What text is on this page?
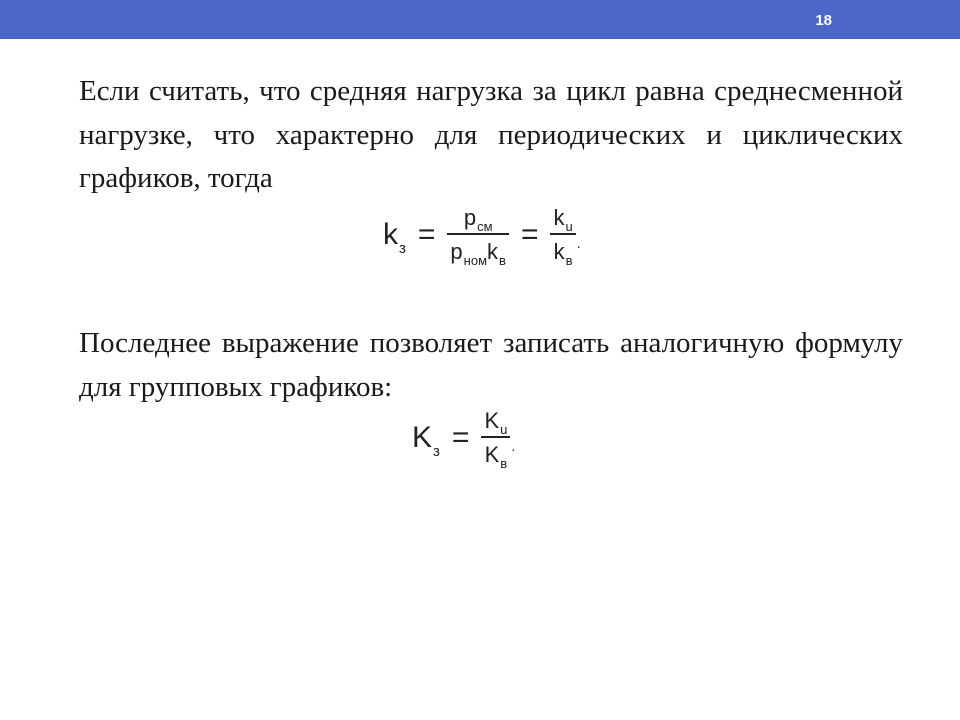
18
Если считать, что средняя нагрузка за цикл равна среднесменной нагрузке, что характерно для периодических и циклических графиков, тогда
$k_з = \frac{p_{см}}{p_{ном}k_в} = \frac{k_u}{k_в}$ .
Последнее выражение позволяет записать аналогичную формулу для групповых графиков:
$K_з = \frac{K_u}{K_в}$ .
